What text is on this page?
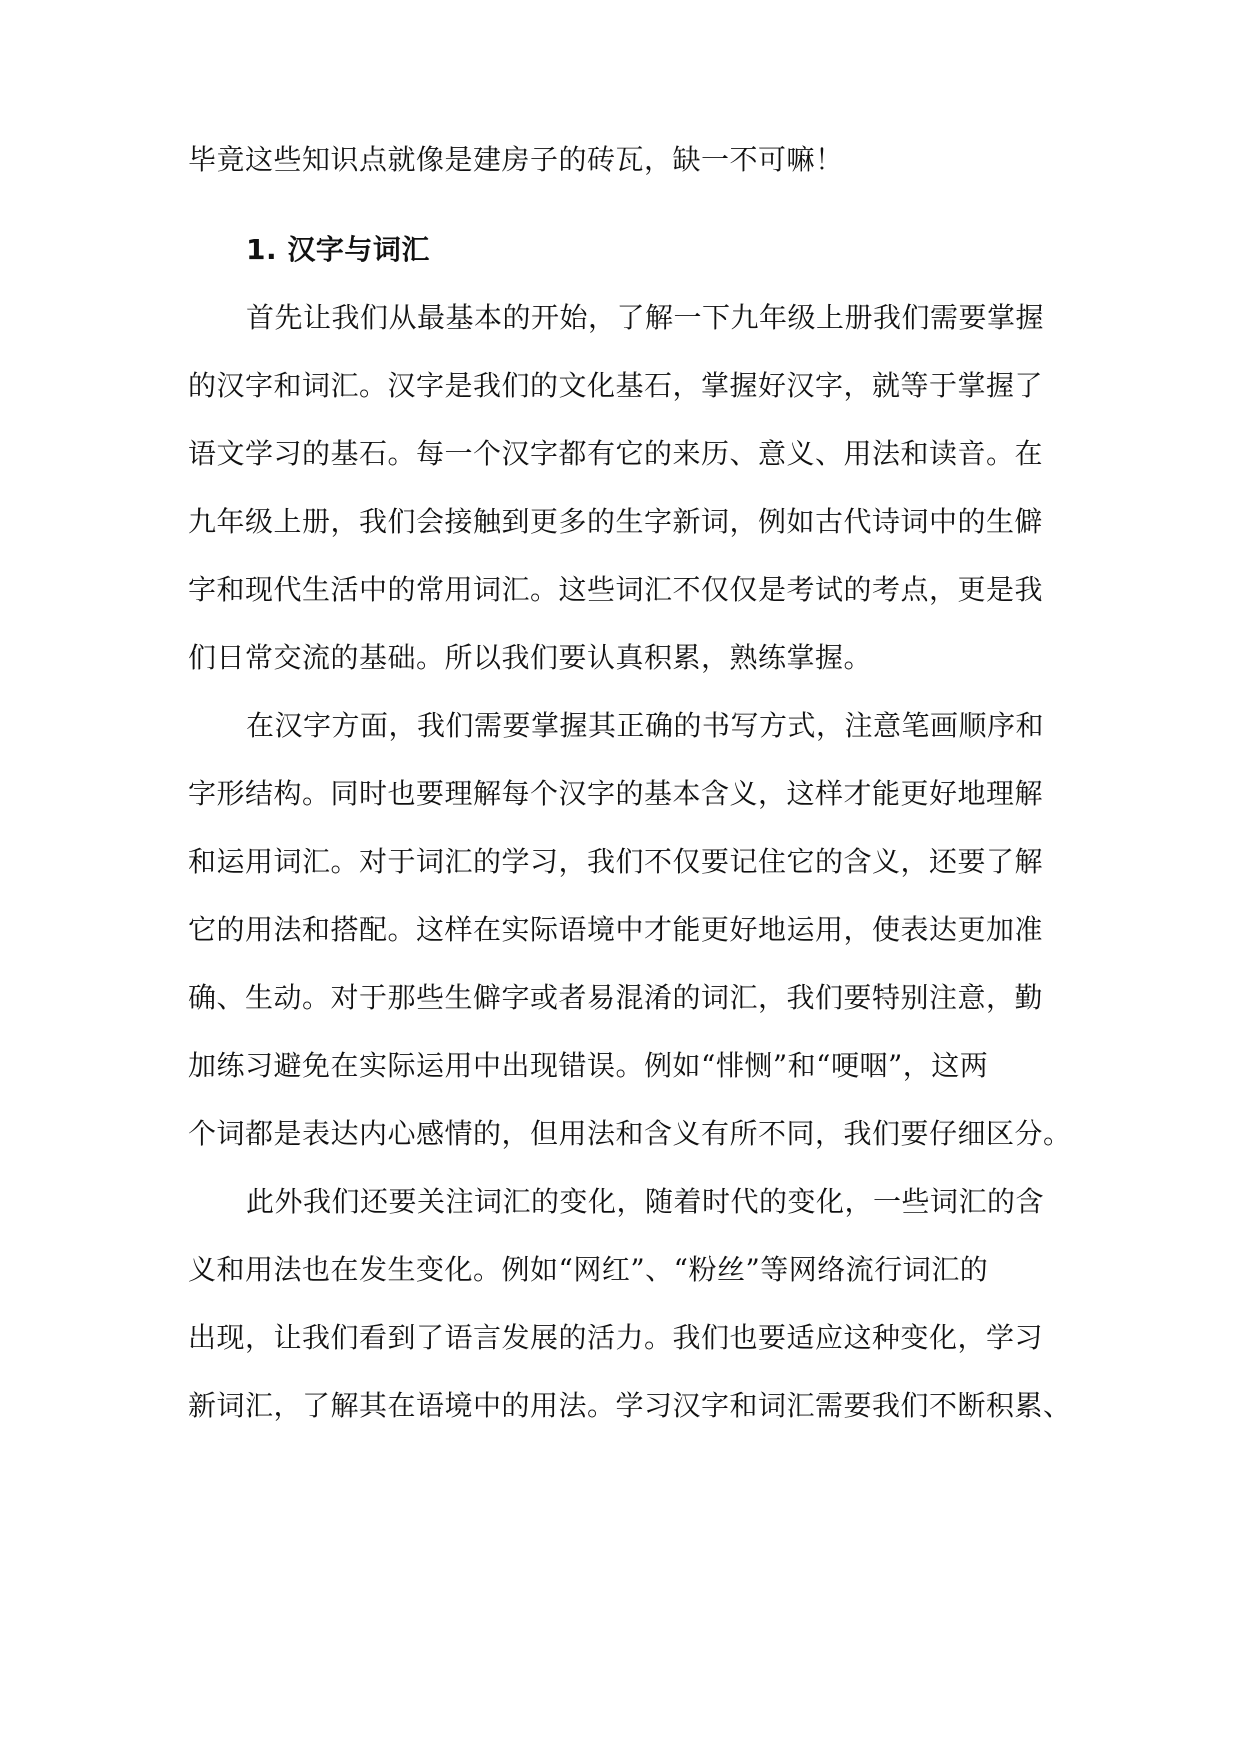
毕竟这些知识点就像是建房子的砖瓦，缺一不可嘛！
1. 汉字与词汇
首先让我们从最基本的开始，了解一下九年级上册我们需要掌握
的汉字和词汇。汉字是我们的文化基石，掌握好汉字，就等于掌握了
语文学习的基石。每一个汉字都有它的来历、意义、用法和读音。在
九年级上册，我们会接触到更多的生字新词，例如古代诗词中的生僻
字和现代生活中的常用词汇。这些词汇不仅仅是考试的考点，更是我
们日常交流的基础。所以我们要认真积累，熟练掌握。
在汉字方面，我们需要掌握其正确的书写方式，注意笔画顺序和
字形结构。同时也要理解每个汉字的基本含义，这样才能更好地理解
和运用词汇。对于词汇的学习，我们不仅要记住它的含义，还要了解
它的用法和搭配。这样在实际语境中才能更好地运用，使表达更加准
确、生动。对于那些生僻字或者易混淆的词汇，我们要特别注意，勤
加练习避免在实际运用中出现错误。例如“悱恻”和“哽咽”，这两
个词都是表达内心感情的，但用法和含义有所不同，我们要仔细区分。
此外我们还要关注词汇的变化，随着时代的变化，一些词汇的含
义和用法也在发生变化。例如“网红”、“粉丝”等网络流行词汇的
出现，让我们看到了语言发展的活力。我们也要适应这种变化，学习
新词汇，了解其在语境中的用法。学习汉字和词汇需要我们不断积累、
